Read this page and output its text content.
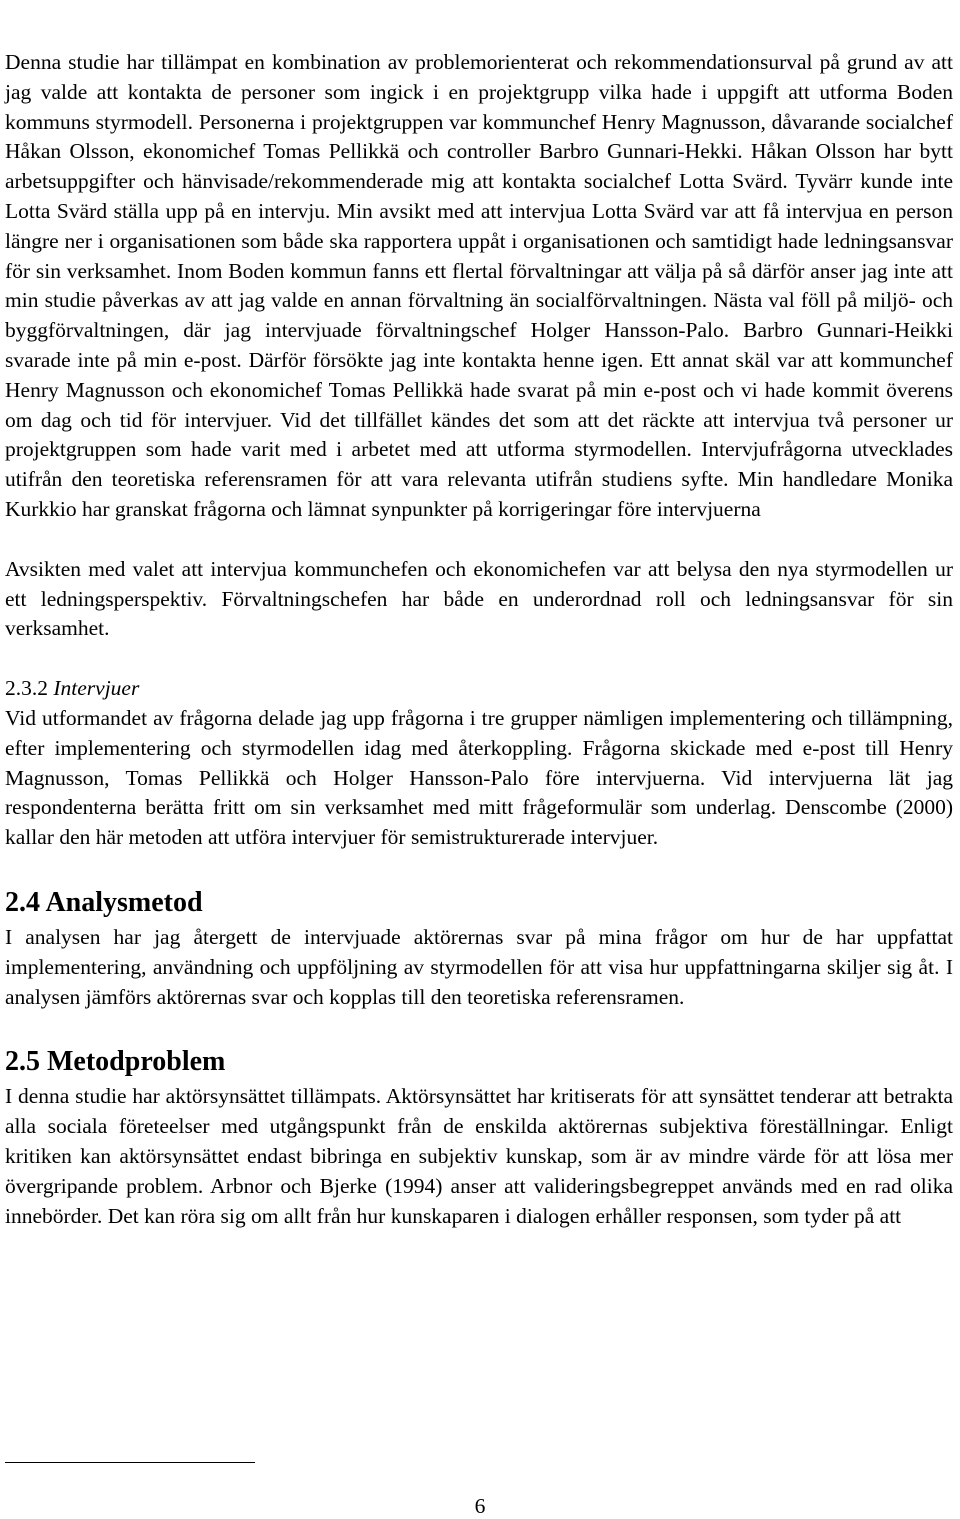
Denna studie har tillämpat en kombination av problemorienterat och rekommendationsurval på grund av att jag valde att kontakta de personer som ingick i en projektgrupp vilka hade i uppgift att utforma Boden kommuns styrmodell. Personerna i projektgruppen var kommunchef Henry Magnusson, dåvarande socialchef Håkan Olsson, ekonomichef Tomas Pellikkä och controller Barbro Gunnari-Hekki. Håkan Olsson har bytt arbetsuppgifter och hänvisade/rekommenderade mig att kontakta socialchef Lotta Svärd. Tyvärr kunde inte Lotta Svärd ställa upp på en intervju. Min avsikt med att intervjua Lotta Svärd var att få intervjua en person längre ner i organisationen som både ska rapportera uppåt i organisationen och samtidigt hade ledningsansvar för sin verksamhet. Inom Boden kommun fanns ett flertal förvaltningar att välja på så därför anser jag inte att min studie påverkas av att jag valde en annan förvaltning än socialförvaltningen. Nästa val föll på miljö- och byggförvaltningen, där jag intervjuade förvaltningschef Holger Hansson-Palo. Barbro Gunnari-Heikki svarade inte på min e-post. Därför försökte jag inte kontakta henne igen. Ett annat skäl var att kommunchef Henry Magnusson och ekonomichef Tomas Pellikkä hade svarat på min e-post och vi hade kommit överens om dag och tid för intervjuer. Vid det tillfället kändes det som att det räckte att intervjua två personer ur projektgruppen som hade varit med i arbetet med att utforma styrmodellen. Intervjufrågorna utvecklades utifrån den teoretiska referensramen för att vara relevanta utifrån studiens syfte. Min handledare Monika Kurkkio har granskat frågorna och lämnat synpunkter på korrigeringar före intervjuerna

Avsikten med valet att intervjua kommunchefen och ekonomichefen var att belysa den nya styrmodellen ur ett ledningsperspektiv. Förvaltningschefen har både en underordnad roll och ledningsansvar för sin verksamhet.

2.3.2 Intervjuer

Vid utformandet av frågorna delade jag upp frågorna i tre grupper nämligen implementering och tillämpning, efter implementering och styrmodellen idag med återkoppling. Frågorna skickade med e-post till Henry Magnusson, Tomas Pellikkä och Holger Hansson-Palo före intervjuerna. Vid intervjuerna lät jag respondenterna berätta fritt om sin verksamhet med mitt frågeformulär som underlag. Denscombe (2000) kallar den här metoden att utföra intervjuer för semistrukturerade intervjuer.

2.4 Analysmetod

I analysen har jag återgett de intervjuade aktörernas svar på mina frågor om hur de har uppfattat implementering, användning och uppföljning av styrmodellen för att visa hur uppfattningarna skiljer sig åt. I analysen jämförs aktörernas svar och kopplas till den teoretiska referensramen.

2.5 Metodproblem

I denna studie har aktörsynsättet tillämpats. Aktörsynsättet har kritiserats för att synsättet tenderar att betrakta alla sociala företeelser med utgångspunkt från de enskilda aktörernas subjektiva föreställningar. Enligt kritiken kan aktörsynsättet endast bibringa en subjektiv kunskap, som är av mindre värde för att lösa mer övergripande problem. Arbnor och Bjerke (1994) anser att valideringsbegreppet används med en rad olika innebörder. Det kan röra sig om allt från hur kunskaparen i dialogen erhåller responsen, som tyder på att

6
